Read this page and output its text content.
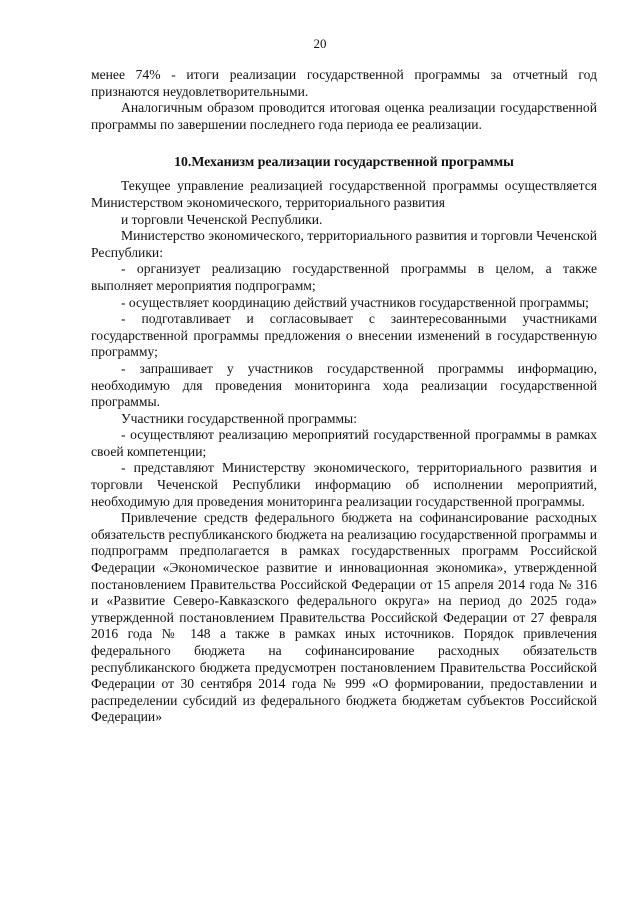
20

менее 74% - итоги реализации государственной программы за отчетный год признаются неудовлетворительными.

Аналогичным образом проводится итоговая оценка реализации государственной программы по завершении последнего года периода ее реализации.

10.Механизм реализации государственной программы

Текущее управление реализацией государственной программы осуществляется Министерством экономического, территориального развития

и торговли Чеченской Республики.

Министерство экономического, территориального развития и торговли Чеченской Республики:

- организует реализацию государственной программы в целом, а также выполняет мероприятия подпрограмм;

- осуществляет координацию действий участников государственной программы;

- подготавливает и согласовывает с заинтересованными участниками государственной программы предложения о внесении изменений в государственную программу;

- запрашивает у участников государственной программы информацию, необходимую для проведения мониторинга хода реализации государственной программы.

Участники государственной программы:

- осуществляют реализацию мероприятий государственной программы в рамках своей компетенции;

- представляют Министерству экономического, территориального развития и торговли Чеченской Республики информацию об исполнении мероприятий, необходимую для проведения мониторинга реализации государственной программы.

Привлечение средств федерального бюджета на софинансирование расходных обязательств республиканского бюджета на реализацию государственной программы и подпрограмм предполагается в рамках государственных программ Российской Федерации «Экономическое развитие и инновационная экономика», утвержденной постановлением Правительства Российской Федерации от 15 апреля 2014 года № 316 и «Развитие Северо-Кавказского федерального округа» на период до 2025 года» утвержденной постановлением Правительства Российской Федерации от 27 февраля 2016 года № 148 а также в рамках иных источников. Порядок привлечения федерального бюджета на софинансирование расходных обязательств республиканского бюджета предусмотрен постановлением Правительства Российской Федерации от 30 сентября 2014 года № 999 «О формировании, предоставлении и распределении субсидий из федерального бюджета бюджетам субъектов Российской Федерации»
